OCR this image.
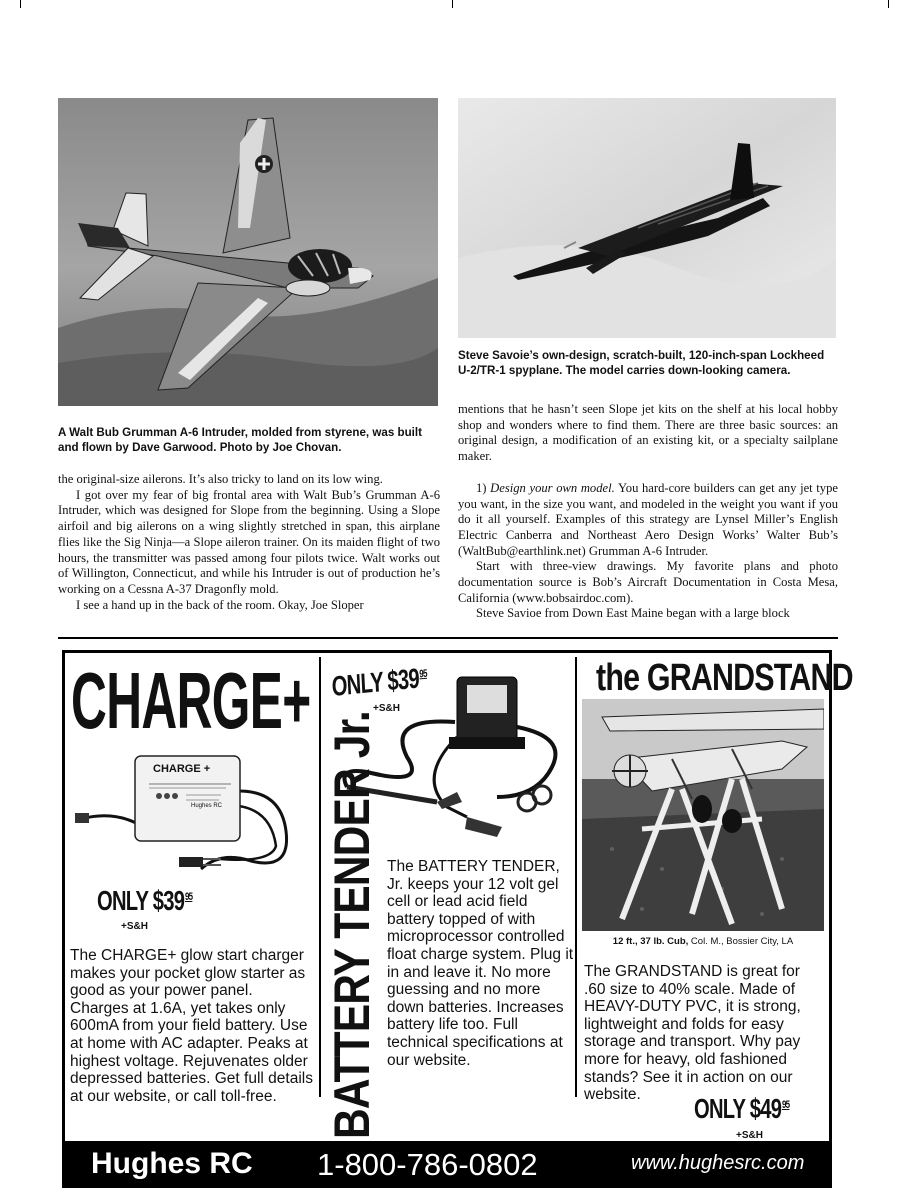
A Walt Bub Grumman A-6 Intruder, molded from styrene, was built and flown by Dave Garwood. Photo by Joe Chovan.
Steve Savoie’s own-design, scratch-built, 120-inch-span Lockheed U-2/TR-1 spyplane. The model carries down-looking camera.

the original-size ailerons. It’s also tricky to land on its low wing.

I got over my fear of big frontal area with Walt Bub’s Grumman A-6 Intruder, which was designed for Slope from the beginning. Using a Slope airfoil and big ailerons on a wing slightly stretched in span, this airplane flies like the Sig Ninja—a Slope aileron trainer. On its maiden flight of two hours, the transmitter was passed among four pilots twice. Walt works out of Willington, Connecticut, and while his Intruder is out of production he’s working on a Cessna A-37 Dragonfly mold.

I see a hand up in the back of the room. Okay, Joe Sloper

mentions that he hasn’t seen Slope jet kits on the shelf at his local hobby shop and wonders where to find them. There are three basic sources: an original design, a modification of an existing kit, or a specialty sailplane maker.

1) Design your own model. You hard-core builders can get any jet type you want, in the size you want, and modeled in the weight you want if you do it all yourself. Examples of this strategy are Lynsel Miller’s English Electric Canberra and Northeast Aero Design Works’ Walter Bub’s (WaltBub@earthlink.net) Grumman A-6 Intruder.

Start with three-view drawings. My favorite plans and photo documentation source is Bob’s Aircraft Documentation in Costa Mesa, California (www.bobsairdoc.com).

Steve Savioe from Down East Maine began with a large block

CHARGE+
CHARGE +
Hughes RC
ONLY $\$39^{95}$
+S&H
The CHARGE+ glow start charger makes your pocket glow starter as good as your power panel. Charges at 1.6A, yet takes only 600mA from your field battery. Use at home with AC adapter. Peaks at highest voltage. Rejuvenates older depressed batteries. Get full details at our website, or call toll-free.
ONLY $\$39^{95}$
+S&H
BATTERY TENDER Jr. The BATTERY TENDER, Jr. keeps your 12 volt gel cell or lead acid field battery topped of with microprocessor controlled float charge system. Plug it in and leave it. No more guessing and no more down batteries. Increases battery life too. Full technical specifications at our website.
the GRANDSTAND
12 ft., 37 lb. Cub, Col. M., Bossier City, LA
The GRANDSTAND is great for .60 size to 40% scale. Made of HEAVY-DUTY PVC, it is strong, lightweight and folds for easy storage and transport. Why pay more for heavy, old fashioned stands? See it in action on our website.	ONLY $\$49^{95}$
+S&H
Hughes RC 1-800-786-0802	www.hughesrc.com
